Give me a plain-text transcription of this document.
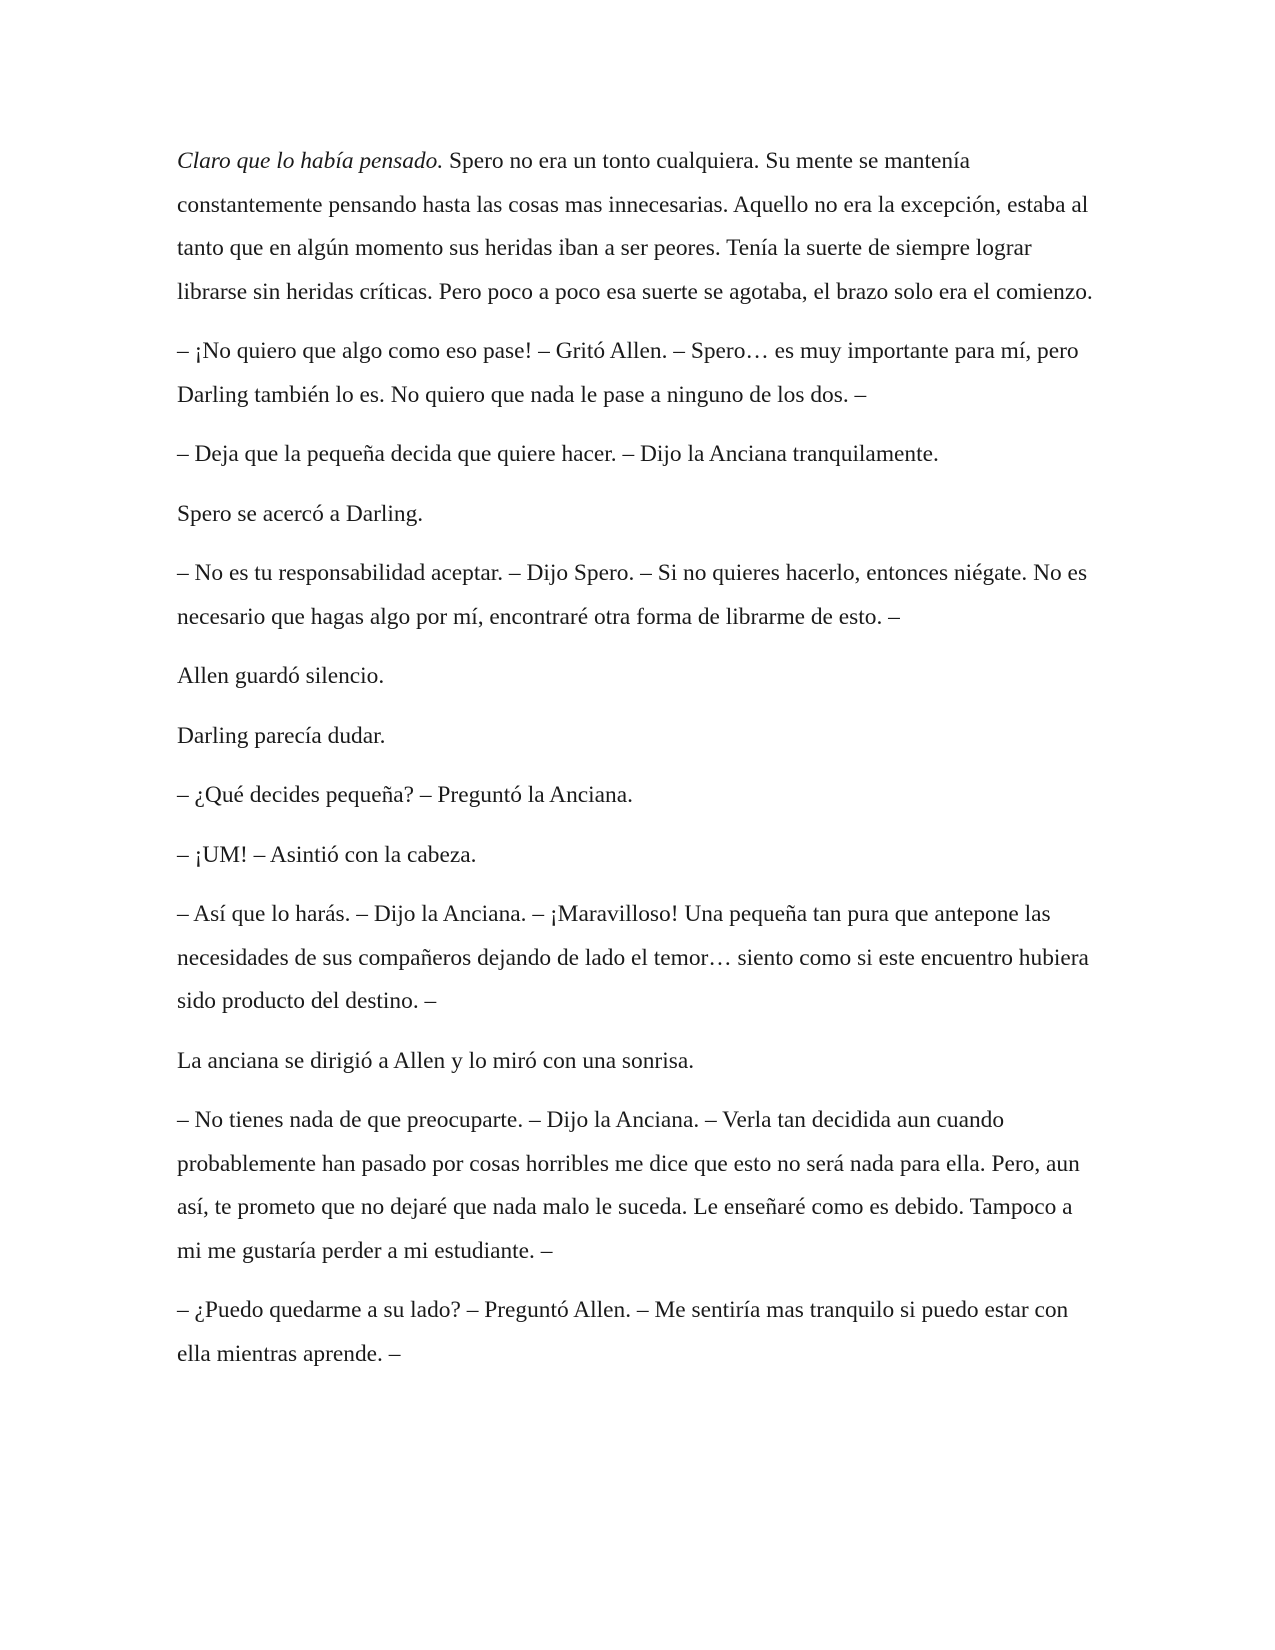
Claro que lo había pensado. Spero no era un tonto cualquiera. Su mente se mantenía constantemente pensando hasta las cosas mas innecesarias. Aquello no era la excepción, estaba al tanto que en algún momento sus heridas iban a ser peores. Tenía la suerte de siempre lograr librarse sin heridas críticas. Pero poco a poco esa suerte se agotaba, el brazo solo era el comienzo.

– ¡No quiero que algo como eso pase! – Gritó Allen. – Spero… es muy importante para mí, pero Darling también lo es. No quiero que nada le pase a ninguno de los dos. –

– Deja que la pequeña decida que quiere hacer. – Dijo la Anciana tranquilamente.

Spero se acercó a Darling.

– No es tu responsabilidad aceptar. – Dijo Spero. – Si no quieres hacerlo, entonces niégate. No es necesario que hagas algo por mí, encontraré otra forma de librarme de esto. –

Allen guardó silencio.

Darling parecía dudar.

– ¿Qué decides pequeña? – Preguntó la Anciana.

– ¡UM! – Asintió con la cabeza.

– Así que lo harás. – Dijo la Anciana. – ¡Maravilloso! Una pequeña tan pura que antepone las necesidades de sus compañeros dejando de lado el temor… siento como si este encuentro hubiera sido producto del destino. –

La anciana se dirigió a Allen y lo miró con una sonrisa.

– No tienes nada de que preocuparte. – Dijo la Anciana. – Verla tan decidida aun cuando probablemente han pasado por cosas horribles me dice que esto no será nada para ella. Pero, aun así, te prometo que no dejaré que nada malo le suceda. Le enseñaré como es debido. Tampoco a mi me gustaría perder a mi estudiante. –

– ¿Puedo quedarme a su lado? – Preguntó Allen. – Me sentiría mas tranquilo si puedo estar con ella mientras aprende. –
